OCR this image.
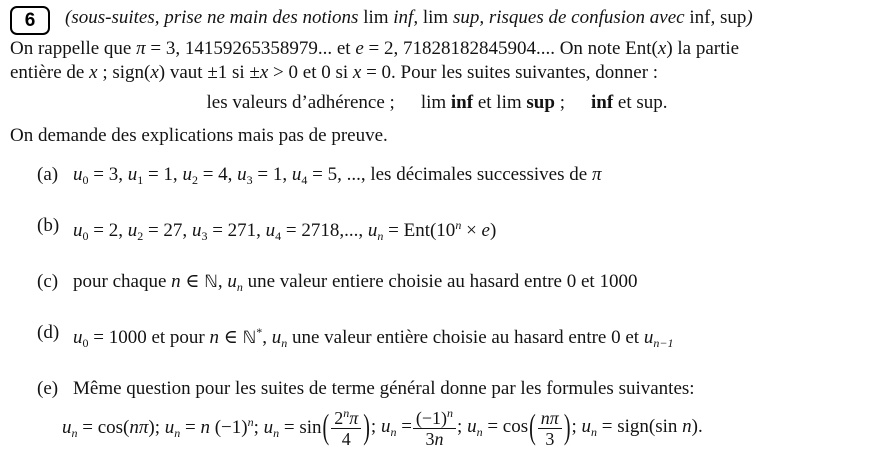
6 (sous-suites, prise ne main des notions lim inf, lim sup, risques de confusion avec inf, sup)
On rappelle que π = 3, 14159265358979... et e = 2, 71828182845904.... On note Ent(x) la partie
entière de x ; sign(x) vaut ±1 si ±x > 0 et 0 si x = 0. Pour les suites suivantes, donner :
les valeurs d’adhérence ; lim inf et lim sup ; inf et sup.
On demande des explications mais pas de preuve.
(a) $u_0 = 3$, $u_1 = 1$, $u_2 = 4$, $u_3 = 1$, $u_4 = 5$, ..., les décimales successives de π
(b) $u_0 = 2$, $u_2 = 27$, $u_3 = 271$, $u_4 = 2718$,..., $u_n = Ent(10^n \times e)$
(c) pour chaque n ∈ ℕ, $u_n$ une valeur entiere choisie au hasard entre 0 et 1000
(d) $u_0 = 1000$ et pour n ∈ ℕ*, $u_n$ une valeur entière choisie au hasard entre 0 et $u_{n-1}$
(e) Même question pour les suites de terme général donne par les formules suivantes:
$u_n = \cos(n\pi)$; $u_n = n$ $(-1)^n$; $u_n = \sin$ ( $\frac{2^n\pi}{4}$ ) ; $u_n = \frac{(-1)^n}{3n}$ ; $u_n = \cos$ ( $\frac{n\pi}{3}$ ) ; $u_n$ = sign(sin n).
